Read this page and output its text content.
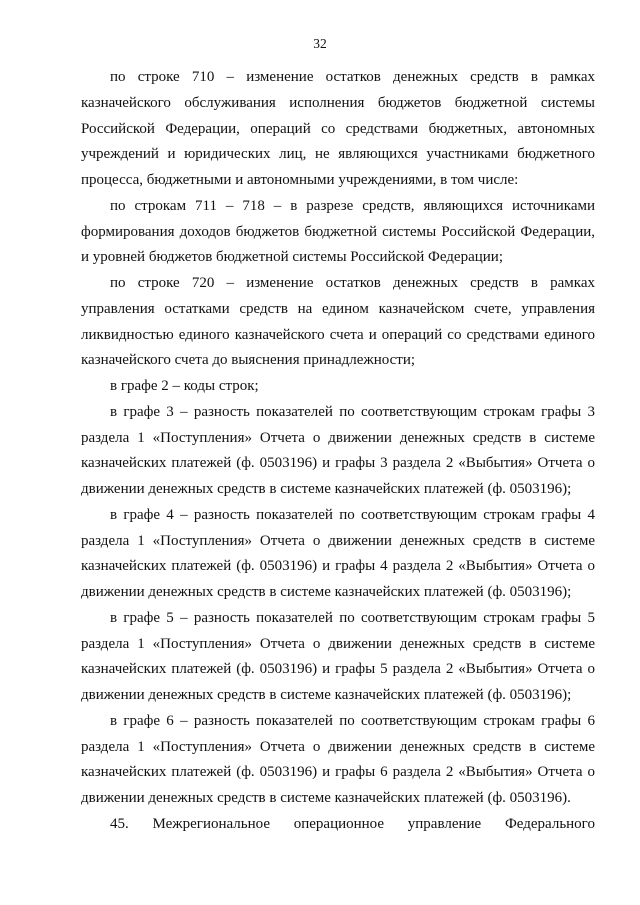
32

по строке 710 – изменение остатков денежных средств в рамках казначейского обслуживания исполнения бюджетов бюджетной системы Российской Федерации, операций со средствами бюджетных, автономных учреждений и юридических лиц, не являющихся участниками бюджетного процесса, бюджетными и автономными учреждениями, в том числе:

по строкам 711 – 718 – в разрезе средств, являющихся источниками формирования доходов бюджетов бюджетной системы Российской Федерации, и уровней бюджетов бюджетной системы Российской Федерации;

по строке 720 – изменение остатков денежных средств в рамках управления остатками средств на едином казначейском счете, управления ликвидностью единого казначейского счета и операций со средствами единого казначейского счета до выяснения принадлежности;

в графе 2 – коды строк;

в графе 3 – разность показателей по соответствующим строкам графы 3 раздела 1 «Поступления» Отчета о движении денежных средств в системе казначейских платежей (ф. 0503196) и графы 3 раздела 2 «Выбытия» Отчета о движении денежных средств в системе казначейских платежей (ф. 0503196);

в графе 4 – разность показателей по соответствующим строкам графы 4 раздела 1 «Поступления» Отчета о движении денежных средств в системе казначейских платежей (ф. 0503196) и графы 4 раздела 2 «Выбытия» Отчета о движении денежных средств в системе казначейских платежей (ф. 0503196);

в графе 5 – разность показателей по соответствующим строкам графы 5 раздела 1 «Поступления» Отчета о движении денежных средств в системе казначейских платежей (ф. 0503196) и графы 5 раздела 2 «Выбытия» Отчета о движении денежных средств в системе казначейских платежей (ф. 0503196);

в графе 6 – разность показателей по соответствующим строкам графы 6 раздела 1 «Поступления» Отчета о движении денежных средств в системе казначейских платежей (ф. 0503196) и графы 6 раздела 2 «Выбытия» Отчета о движении денежных средств в системе казначейских платежей (ф. 0503196).

45. Межрегиональное операционное управление Федерального
